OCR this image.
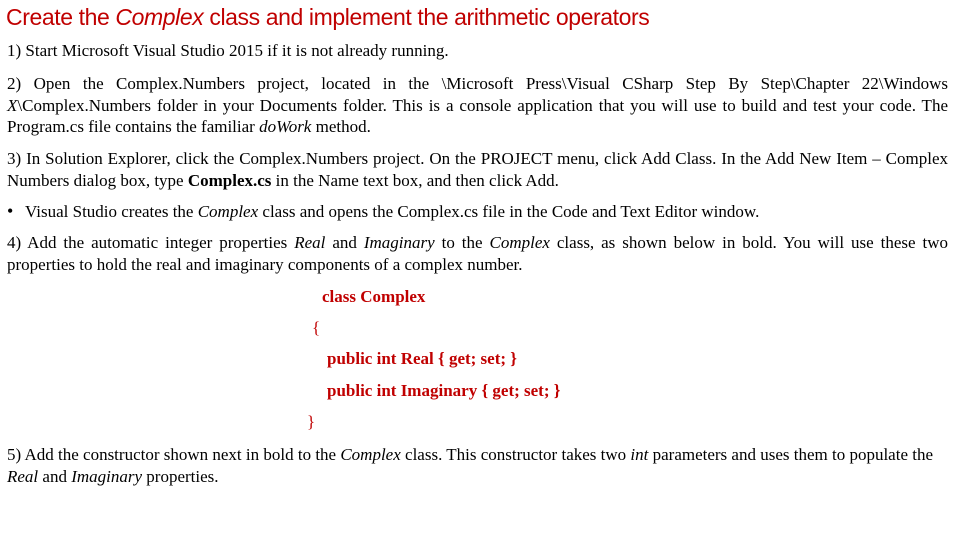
Create the Complex class and implement the arithmetic operators

1) Start Microsoft Visual Studio 2015 if it is not already running.

2) Open the Complex.Numbers project, located in the \Microsoft Press\Visual CSharp Step By Step\Chapter 22\Windows X\Complex.Numbers folder in your Documents folder. This is a console application that you will use to build and test your code. The Program.cs file contains the familiar doWork method.

3) In Solution Explorer, click the Complex.Numbers project. On the PROJECT menu, click Add Class. In the Add New Item – Complex Numbers dialog box, type Complex.cs in the Name text box, and then click Add.

• Visual Studio creates the Complex class and opens the Complex.cs file in the Code and Text Editor window.

4) Add the automatic integer properties Real and Imaginary to the Complex class, as shown below in bold. You will use these two properties to hold the real and imaginary components of a complex number.

class Complex
{
public int Real { get; set; }
public int Imaginary { get; set; }
}

5) Add the constructor shown next in bold to the Complex class. This constructor takes two int parameters and uses them to populate the Real and Imaginary properties.
